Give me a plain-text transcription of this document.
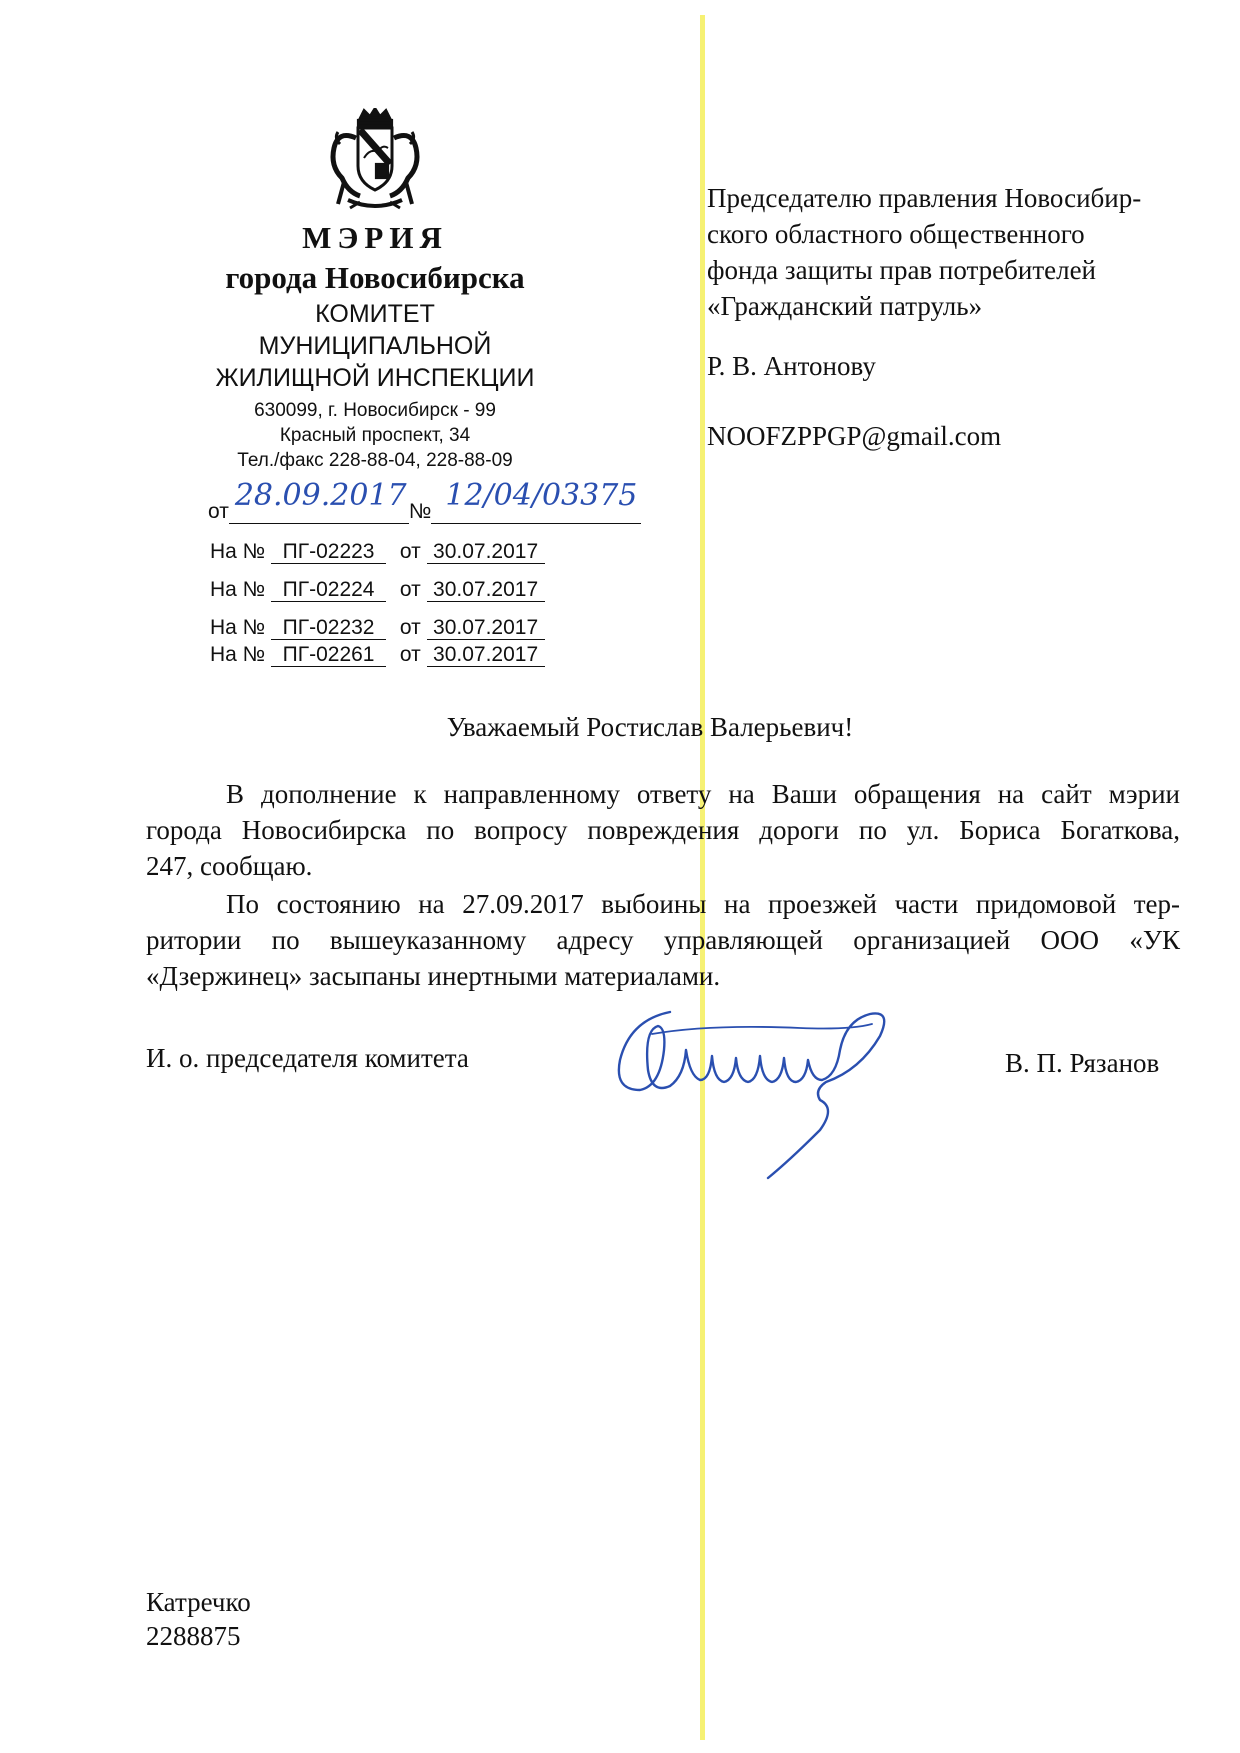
МЭРИЯ
города Новосибирска
КОМИТЕТ
МУНИЦИПАЛЬНОЙ
ЖИЛИЩНОЙ ИНСПЕКЦИИ
630099, г. Новосибирск - 99
Красный проспект, 34
Тел./факс 228-88-04, 228-88-09
от 28.09.2017 № 12/04/03375

На № ПГ-02223 от 30.07.2017
На № ПГ-02224 от 30.07.2017
На № ПГ-02232 от 30.07.2017
На № ПГ-02261 от 30.07.2017
Председателю правления Новосибир-
ского областного общественного
фонда защиты прав потребителей
«Гражданский патруль»
Р. В. Антонову
NOOFZPPGP@gmail.com
Уважаемый Ростислав Валерьевич!
В дополнение к направленному ответу на Ваши обращения на сайт мэрии
города Новосибирска по вопросу повреждения дороги по ул. Бориса Богаткова,
247, сообщаю.
По состоянию на 27.09.2017 выбоины на проезжей части придомовой тер-
ритории по вышеуказанному адресу управляющей организацией ООО «УК
«Дзержинец» засыпаны инертными материалами.
И. о. председателя комитета	В. П. Рязанов
Катречко
2288875
